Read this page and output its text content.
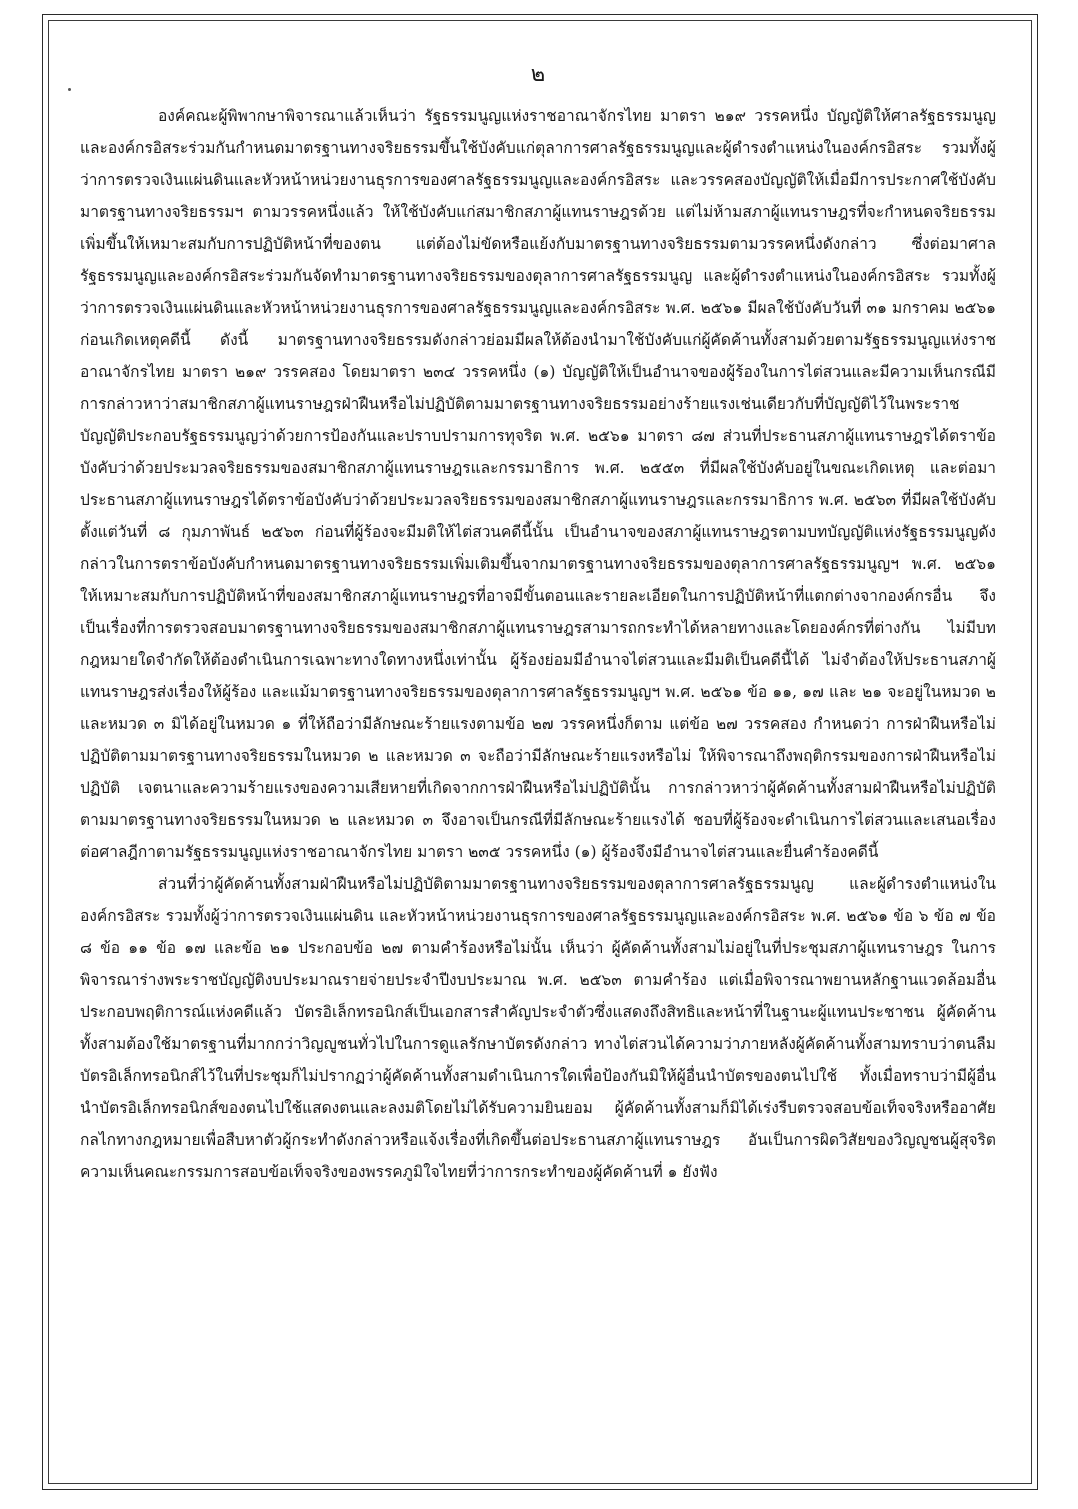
๒

องค์คณะผู้พิพากษาพิจารณาแล้วเห็นว่า รัฐธรรมนูญแห่งราชอาณาจักรไทย มาตรา ๒๑๙ วรรคหนึ่ง บัญญัติให้ศาลรัฐธรรมนูญและองค์กรอิสระร่วมกันกำหนดมาตรฐานทางจริยธรรมขึ้นใช้บังคับแก่ตุลาการศาลรัฐธรรมนูญและผู้ดำรงตำแหน่งในองค์กรอิสระ รวมทั้งผู้ว่าการตรวจเงินแผ่นดินและหัวหน้าหน่วยงานธุรการของศาลรัฐธรรมนูญและองค์กรอิสระ และวรรคสองบัญญัติให้เมื่อมีการประกาศใช้บังคับมาตรฐานทางจริยธรรมฯ ตามวรรคหนึ่งแล้ว ให้ใช้บังคับแก่สมาชิกสภาผู้แทนราษฎรด้วย แต่ไม่ห้ามสภาผู้แทนราษฎรที่จะกำหนดจริยธรรมเพิ่มขึ้นให้เหมาะสมกับการปฏิบัติหน้าที่ของตน แต่ต้องไม่ขัดหรือแย้งกับมาตรฐานทางจริยธรรมตามวรรคหนึ่งดังกล่าว ซึ่งต่อมาศาลรัฐธรรมนูญและองค์กรอิสระร่วมกันจัดทำมาตรฐานทางจริยธรรมของตุลาการศาลรัฐธรรมนูญ และผู้ดำรงตำแหน่งในองค์กรอิสระ รวมทั้งผู้ว่าการตรวจเงินแผ่นดินและหัวหน้าหน่วยงานธุรการของศาลรัฐธรรมนูญและองค์กรอิสระ พ.ศ. ๒๕๖๑ มีผลใช้บังคับวันที่ ๓๑ มกราคม ๒๕๖๑ ก่อนเกิดเหตุคดีนี้ ดังนี้ มาตรฐานทางจริยธรรมดังกล่าวย่อมมีผลให้ต้องนำมาใช้บังคับแก่ผู้คัดค้านทั้งสามด้วยตามรัฐธรรมนูญแห่งราชอาณาจักรไทย มาตรา ๒๑๙ วรรคสอง โดยมาตรา ๒๓๔ วรรคหนึ่ง (๑) บัญญัติให้เป็นอำนาจของผู้ร้องในการไต่สวนและมีความเห็นกรณีมีการกล่าวหาว่าสมาชิกสภาผู้แทนราษฎรฝ่าฝืนหรือไม่ปฏิบัติตามมาตรฐานทางจริยธรรมอย่างร้ายแรงเช่นเดียวกับที่บัญญัติไว้ในพระราชบัญญัติประกอบรัฐธรรมนูญว่าด้วยการป้องกันและปราบปรามการทุจริต พ.ศ. ๒๕๖๑ มาตรา ๘๗ ส่วนที่ประธานสภาผู้แทนราษฎรได้ตราข้อบังคับว่าด้วยประมวลจริยธรรมของสมาชิกสภาผู้แทนราษฎรและกรรมาธิการ พ.ศ. ๒๕๕๓ ที่มีผลใช้บังคับอยู่ในขณะเกิดเหตุ และต่อมาประธานสภาผู้แทนราษฎรได้ตราข้อบังคับว่าด้วยประมวลจริยธรรมของสมาชิกสภาผู้แทนราษฎรและกรรมาธิการ พ.ศ. ๒๕๖๓ ที่มีผลใช้บังคับตั้งแต่วันที่ ๘ กุมภาพันธ์ ๒๕๖๓ ก่อนที่ผู้ร้องจะมีมติให้ไต่สวนคดีนี้นั้น เป็นอำนาจของสภาผู้แทนราษฎรตามบทบัญญัติแห่งรัฐธรรมนูญดังกล่าวในการตราข้อบังคับกำหนดมาตรฐานทางจริยธรรมเพิ่มเติมขึ้นจากมาตรฐานทางจริยธรรมของตุลาการศาลรัฐธรรมนูญฯ พ.ศ. ๒๕๖๑ ให้เหมาะสมกับการปฏิบัติหน้าที่ของสมาชิกสภาผู้แทนราษฎรที่อาจมีขั้นตอนและรายละเอียดในการปฏิบัติหน้าที่แตกต่างจากองค์กรอื่น จึงเป็นเรื่องที่การตรวจสอบมาตรฐานทางจริยธรรมของสมาชิกสภาผู้แทนราษฎรสามารถกระทำได้หลายทางและโดยองค์กรที่ต่างกัน ไม่มีบทกฎหมายใดจำกัดให้ต้องดำเนินการเฉพาะทางใดทางหนึ่งเท่านั้น ผู้ร้องย่อมมีอำนาจไต่สวนและมีมติเป็นคดีนี้ได้ ไม่จำต้องให้ประธานสภาผู้แทนราษฎรส่งเรื่องให้ผู้ร้อง และแม้มาตรฐานทางจริยธรรมของตุลาการศาลรัฐธรรมนูญฯ พ.ศ. ๒๕๖๑ ข้อ ๑๑, ๑๗ และ ๒๑ จะอยู่ในหมวด ๒ และหมวด ๓ มิได้อยู่ในหมวด ๑ ที่ให้ถือว่ามีลักษณะร้ายแรงตามข้อ ๒๗ วรรคหนึ่งก็ตาม แต่ข้อ ๒๗ วรรคสอง กำหนดว่า การฝ่าฝืนหรือไม่ปฏิบัติตามมาตรฐานทางจริยธรรมในหมวด ๒ และหมวด ๓ จะถือว่ามีลักษณะร้ายแรงหรือไม่ ให้พิจารณาถึงพฤติกรรมของการฝ่าฝืนหรือไม่ปฏิบัติ เจตนาและความร้ายแรงของความเสียหายที่เกิดจากการฝ่าฝืนหรือไม่ปฏิบัตินั้น การกล่าวหาว่าผู้คัดค้านทั้งสามฝ่าฝืนหรือไม่ปฏิบัติตามมาตรฐานทางจริยธรรมในหมวด ๒ และหมวด ๓ จึงอาจเป็นกรณีที่มีลักษณะร้ายแรงได้ ชอบที่ผู้ร้องจะดำเนินการไต่สวนและเสนอเรื่องต่อศาลฎีกาตามรัฐธรรมนูญแห่งราชอาณาจักรไทย มาตรา ๒๓๕ วรรคหนึ่ง (๑) ผู้ร้องจึงมีอำนาจไต่สวนและยื่นคำร้องคดีนี้

ส่วนที่ว่าผู้คัดค้านทั้งสามฝ่าฝืนหรือไม่ปฏิบัติตามมาตรฐานทางจริยธรรมของตุลาการศาลรัฐธรรมนูญ และผู้ดำรงตำแหน่งในองค์กรอิสระ รวมทั้งผู้ว่าการตรวจเงินแผ่นดิน และหัวหน้าหน่วยงานธุรการของศาลรัฐธรรมนูญและองค์กรอิสระ พ.ศ. ๒๕๖๑ ข้อ ๖ ข้อ ๗ ข้อ ๘ ข้อ ๑๑ ข้อ ๑๗ และข้อ ๒๑ ประกอบข้อ ๒๗ ตามคำร้องหรือไม่นั้น เห็นว่า ผู้คัดค้านทั้งสามไม่อยู่ในที่ประชุมสภาผู้แทนราษฎร ในการพิจารณาร่างพระราชบัญญัติงบประมาณรายจ่ายประจำปีงบประมาณ พ.ศ. ๒๕๖๓ ตามคำร้อง แต่เมื่อพิจารณาพยานหลักฐานแวดล้อมอื่นประกอบพฤติการณ์แห่งคดีแล้ว บัตรอิเล็กทรอนิกส์เป็นเอกสารสำคัญประจำตัวซึ่งแสดงถึงสิทธิและหน้าที่ในฐานะผู้แทนประชาชน ผู้คัดค้านทั้งสามต้องใช้มาตรฐานที่มากกว่าวิญญูชนทั่วไปในการดูแลรักษาบัตรดังกล่าว ทางไต่สวนได้ความว่าภายหลังผู้คัดค้านทั้งสามทราบว่าตนลืมบัตรอิเล็กทรอนิกส์ไว้ในที่ประชุมก็ไม่ปรากฏว่าผู้คัดค้านทั้งสามดำเนินการใดเพื่อป้องกันมิให้ผู้อื่นนำบัตรของตนไปใช้ ทั้งเมื่อทราบว่ามีผู้อื่นนำบัตรอิเล็กทรอนิกส์ของตนไปใช้แสดงตนและลงมติโดยไม่ได้รับความยินยอม ผู้คัดค้านทั้งสามก็มิได้เร่งรีบตรวจสอบข้อเท็จจริงหรืออาศัยกลไกทางกฎหมายเพื่อสืบหาตัวผู้กระทำดังกล่าวหรือแจ้งเรื่องที่เกิดขึ้นต่อประธานสภาผู้แทนราษฎร อันเป็นการผิดวิสัยของวิญญูชนผู้สุจริต ความเห็นคณะกรรมการสอบข้อเท็จจริงของพรรคภูมิใจไทยที่ว่าการกระทำของผู้คัดค้านที่ ๑ ยังฟัง
